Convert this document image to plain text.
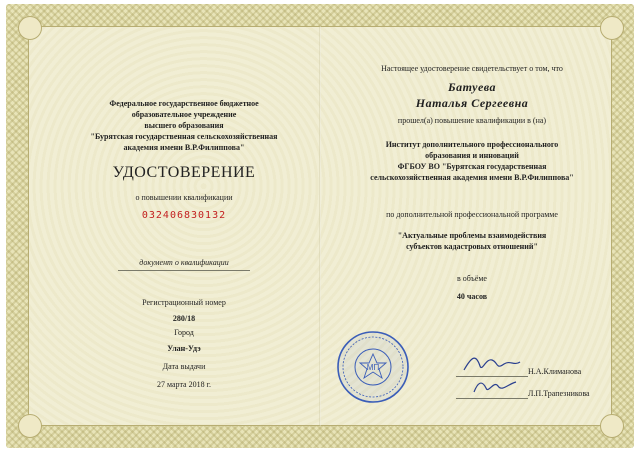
Федеральное государственное бюджетное
образовательное учреждение
высшего образования
"Бурятская государственная сельскохозяйственная
академия имени В.Р.Филиппова"
УДОСТОВЕРЕНИЕ
о повышении квалификации
032406830132
документ о квалификации
Регистрационный номер
280/18
Город
Улан-Удэ
Дата выдачи
27 марта 2018 г.
Настоящее удостоверение свидетельствует о том, что
Батуева
Наталья Сергеевна
прошел(а) повышение квалификации в (на)
Институт дополнительного профессионального
образования и инноваций
ФГБОУ ВО "Бурятская государственная
сельскохозяйственная академия имени В.Р.Филиппова"
по дополнительной профессиональной программе
"Актуальные проблемы взаимодействия
субъектов кадастровых отношений"
в объёме
40 часов
МП	Н.А.Климанова
Л.П.Трапезникова
